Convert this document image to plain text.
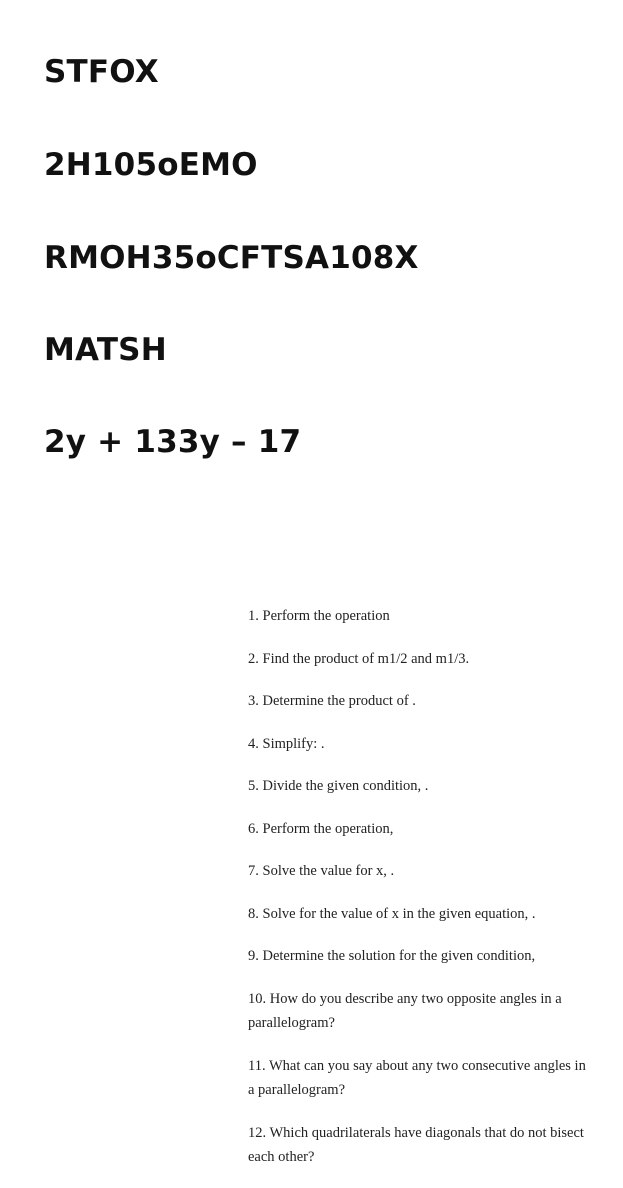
STFOX
2H105oEMO
RMOH35oCFTSA108X
MATSH
2y + 133y – 17
1. Perform the operation
2. Find the product of m1/2 and m1/3.
3. Determine the product of .
4. Simplify: .
5. Divide the given condition, .
6. Perform the operation,
7. Solve the value for x, .
8. Solve for the value of x in the given equation, .
9. Determine the solution for the given condition,
10. How do you describe any two opposite angles in a parallelogram?
11. What can you say about any two consecutive angles in a parallelogram?
12. Which quadrilaterals have diagonals that do not bisect each other?
